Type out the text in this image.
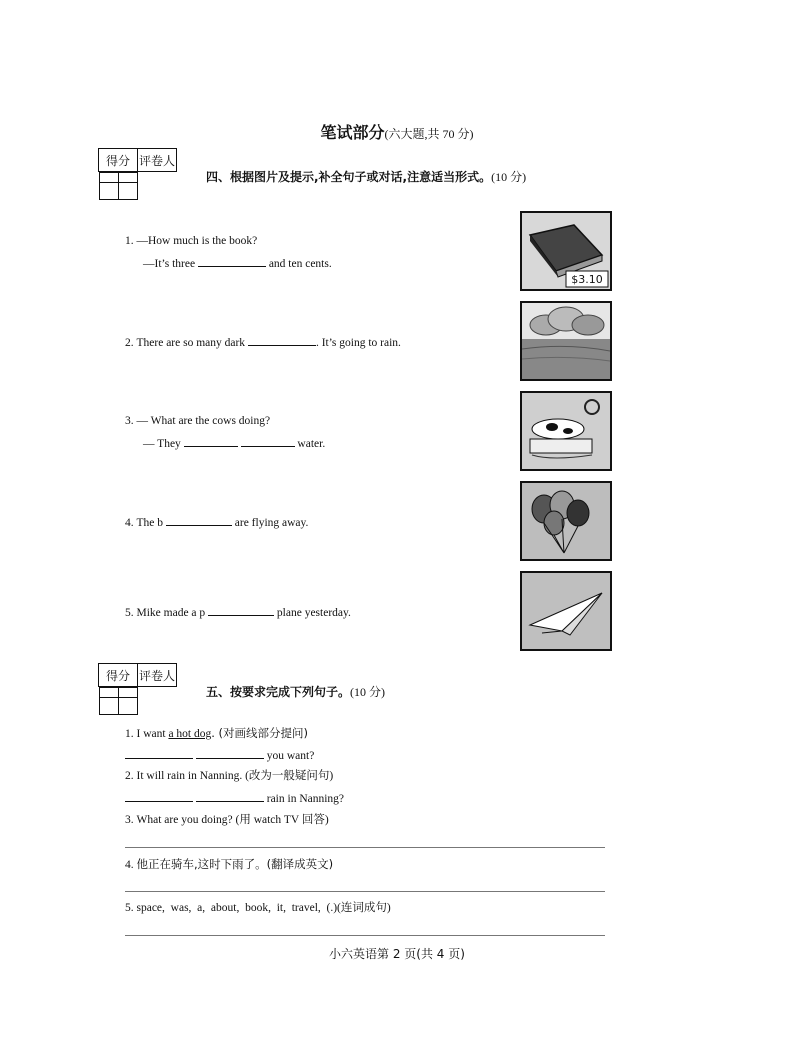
笔试部分(六大题,共 70 分)
得分	评卷人

四、根据图片及提示,补全句子或对话,注意适当形式。(10 分)
1. —How much is the book?
—It’s three	and ten cents.
2. There are so many dark	. It’s going to rain.
3. — What are the cows doing?
— They	water.
4. The b	are flying away.
5. Mike made a p	plane yesterday.
$3.10
得分	评卷人

五、按要求完成下列句子。(10 分)
1. I want a hot dog. (对画线部分提问)
you want?
2. It will rain in Nanning. (改为一般疑问句)
rain in Nanning?
3. What are you doing? (用 watch TV 回答)
4. 他正在骑车,这时下雨了。(翻译成英文)
5. space,  was,  a,  about,  book,  it,  travel,  (.)(连词成句)
小六英语第 2 页(共 4 页)
